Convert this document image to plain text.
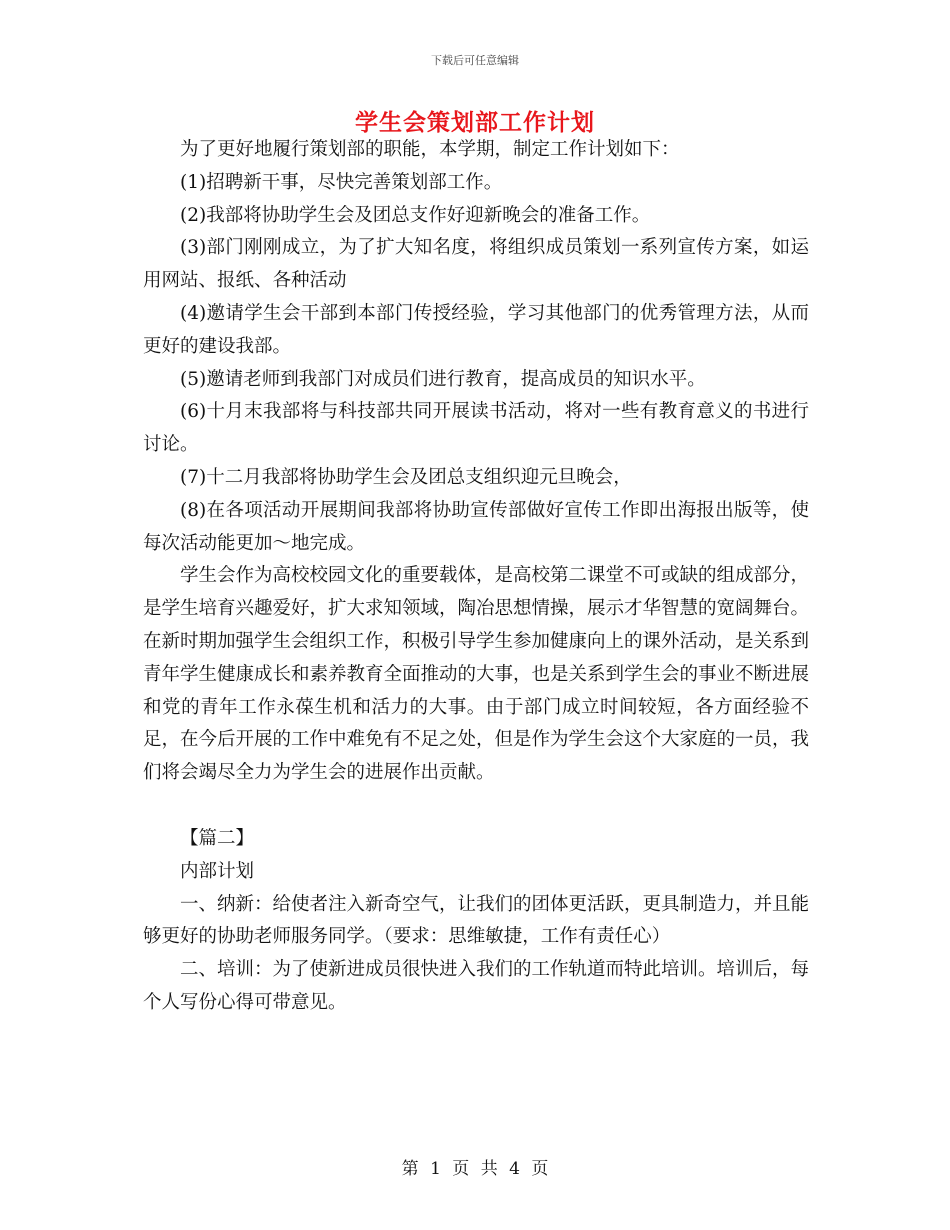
下载后可任意编辑
学生会策划部工作计划

为了更好地履行策划部的职能，本学期，制定工作计划如下：

(1)招聘新干事，尽快完善策划部工作。

(2)我部将协助学生会及团总支作好迎新晚会的准备工作。

(3)部门刚刚成立，为了扩大知名度，将组织成员策划一系列宣传方案，如运用网站、报纸、各种活动

(4)邀请学生会干部到本部门传授经验，学习其他部门的优秀管理方法，从而更好的建设我部。

(5)邀请老师到我部门对成员们进行教育，提高成员的知识水平。

(6)十月末我部将与科技部共同开展读书活动，将对一些有教育意义的书进行讨论。

(7)十二月我部将协助学生会及团总支组织迎元旦晚会，

(8)在各项活动开展期间我部将协助宣传部做好宣传工作即出海报出版等，使每次活动能更加～地完成。

学生会作为高校校园文化的重要载体，是高校第二课堂不可或缺的组成部分，是学生培育兴趣爱好，扩大求知领域，陶冶思想情操，展示才华智慧的宽阔舞台。在新时期加强学生会组织工作，积极引导学生参加健康向上的课外活动，是关系到青年学生健康成长和素养教育全面推动的大事，也是关系到学生会的事业不断进展和党的青年工作永葆生机和活力的大事。由于部门成立时间较短，各方面经验不足，在今后开展的工作中难免有不足之处，但是作为学生会这个大家庭的一员，我们将会竭尽全力为学生会的进展作出贡献。

【篇二】

内部计划

一、纳新：给使者注入新奇空气，让我们的团体更活跃，更具制造力，并且能够更好的协助老师服务同学。（要求：思维敏捷，工作有责任心）

二、培训：为了使新进成员很快进入我们的工作轨道而特此培训。培训后，每个人写份心得可带意见。

第 1 页 共 4 页
